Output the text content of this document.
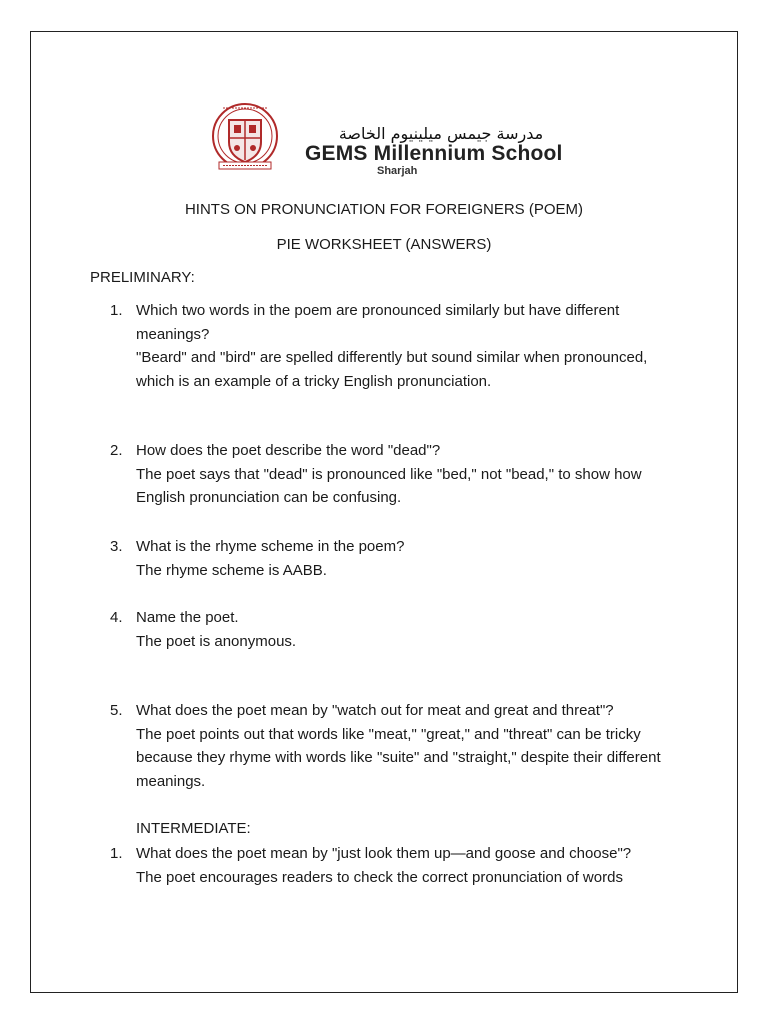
مدرسة جيمس ميلينيوم الخاصة
GEMS Millennium School
Sharjah
HINTS ON PRONUNCIATION FOR FOREIGNERS (POEM)
PIE WORKSHEET (ANSWERS)
PRELIMINARY:
1. Which two words in the poem are pronounced similarly but have different meanings?
"Beard" and "bird" are spelled differently but sound similar when pronounced, which is an example of a tricky English pronunciation.
2. How does the poet describe the word "dead"?
The poet says that "dead" is pronounced like "bed," not "bead," to show how English pronunciation can be confusing.
3. What is the rhyme scheme in the poem?
The rhyme scheme is AABB.
4. Name the poet.
The poet is anonymous.
5. What does the poet mean by "watch out for meat and great and threat"?
The poet points out that words like "meat," "great," and "threat" can be tricky because they rhyme with words like "suite" and "straight," despite their different meanings.
INTERMEDIATE:
1. What does the poet mean by "just look them up—and goose and choose"?
The poet encourages readers to check the correct pronunciation of words
